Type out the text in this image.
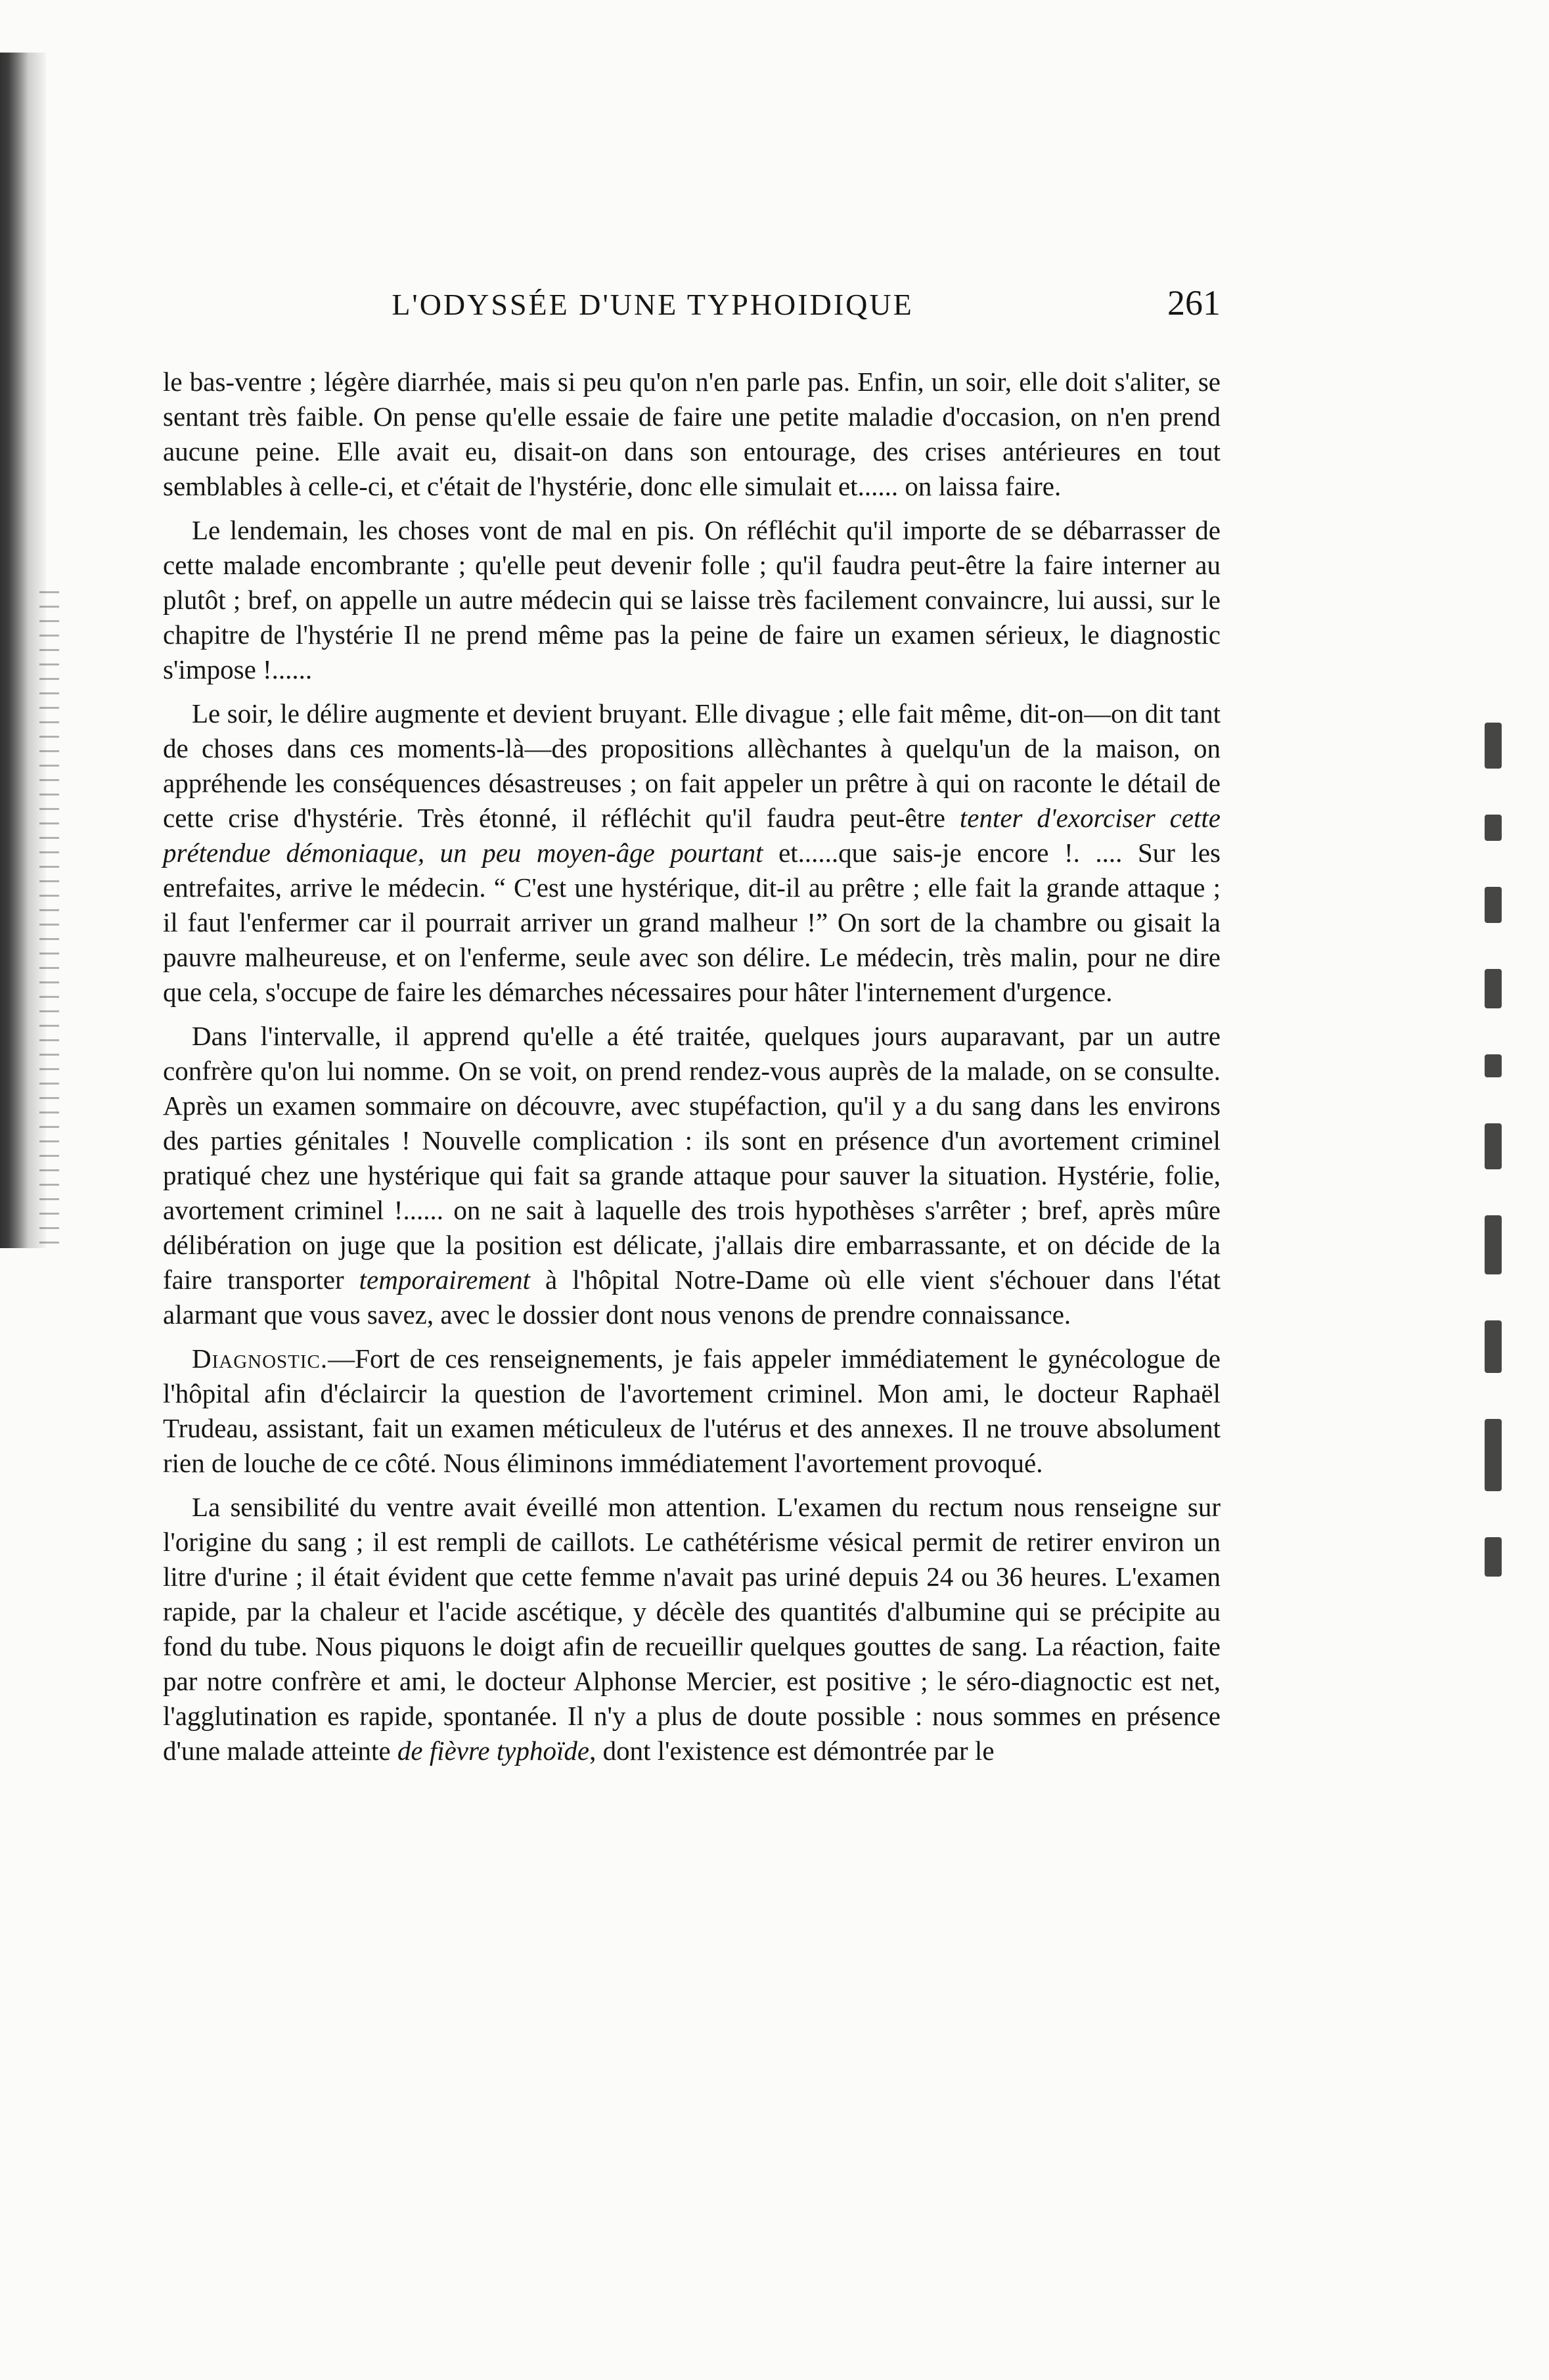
L'ODYSSÉE D'UNE TYPHOIDIQUE	261

le bas-ventre ; légère diarrhée, mais si peu qu'on n'en parle pas. Enfin, un soir, elle doit s'aliter, se sentant très faible. On pense qu'elle essaie de faire une petite maladie d'occasion, on n'en prend aucune peine. Elle avait eu, disait-on dans son entourage, des crises antérieures en tout semblables à celle-ci, et c'était de l'hystérie, donc elle simulait et...... on laissa faire.

Le lendemain, les choses vont de mal en pis. On réfléchit qu'il importe de se débarrasser de cette malade encombrante ; qu'elle peut devenir folle ; qu'il faudra peut-être la faire interner au plutôt ; bref, on appelle un autre médecin qui se laisse très facilement convaincre, lui aussi, sur le chapitre de l'hystérie Il ne prend même pas la peine de faire un examen sérieux, le diagnostic s'impose !......

Le soir, le délire augmente et devient bruyant. Elle divague ; elle fait même, dit-on—on dit tant de choses dans ces moments-là—des propositions allèchantes à quelqu'un de la maison, on appréhende les conséquences désastreuses ; on fait appeler un prêtre à qui on raconte le détail de cette crise d'hystérie. Très étonné, il réfléchit qu'il faudra peut-être tenter d'exorciser cette prétendue démoniaque, un peu moyen-âge pourtant et......que sais-je encore !. .... Sur les entrefaites, arrive le médecin. “ C'est une hystérique, dit-il au prêtre ; elle fait la grande attaque ; il faut l'enfermer car il pourrait arriver un grand malheur !” On sort de la chambre ou gisait la pauvre malheureuse, et on l'enferme, seule avec son délire. Le médecin, très malin, pour ne dire que cela, s'occupe de faire les démarches nécessaires pour hâter l'internement d'urgence.

Dans l'intervalle, il apprend qu'elle a été traitée, quelques jours auparavant, par un autre confrère qu'on lui nomme. On se voit, on prend rendez-vous auprès de la malade, on se consulte. Après un examen sommaire on découvre, avec stupéfaction, qu'il y a du sang dans les environs des parties génitales ! Nouvelle complication : ils sont en présence d'un avortement criminel pratiqué chez une hystérique qui fait sa grande attaque pour sauver la situation. Hystérie, folie, avortement criminel !...... on ne sait à laquelle des trois hypothèses s'arrêter ; bref, après mûre délibération on juge que la position est délicate, j'allais dire embarrassante, et on décide de la faire transporter temporairement à l'hôpital Notre-Dame où elle vient s'échouer dans l'état alarmant que vous savez, avec le dossier dont nous venons de prendre connaissance.

Diagnostic.—Fort de ces renseignements, je fais appeler immédiatement le gynécologue de l'hôpital afin d'éclaircir la question de l'avortement criminel. Mon ami, le docteur Raphaël Trudeau, assistant, fait un examen méticuleux de l'utérus et des annexes. Il ne trouve absolument rien de louche de ce côté. Nous éliminons immédiatement l'avortement provoqué.

La sensibilité du ventre avait éveillé mon attention. L'examen du rectum nous renseigne sur l'origine du sang ; il est rempli de caillots. Le cathétérisme vésical permit de retirer environ un litre d'urine ; il était évident que cette femme n'avait pas uriné depuis 24 ou 36 heures. L'examen rapide, par la chaleur et l'acide ascétique, y décèle des quantités d'albumine qui se précipite au fond du tube. Nous piquons le doigt afin de recueillir quelques gouttes de sang. La réaction, faite par notre confrère et ami, le docteur Alphonse Mercier, est positive ; le séro-diagnoctic est net, l'agglutination es rapide, spontanée. Il n'y a plus de doute possible : nous sommes en présence d'une malade atteinte de fièvre typhoïde, dont l'existence est démontrée par le
